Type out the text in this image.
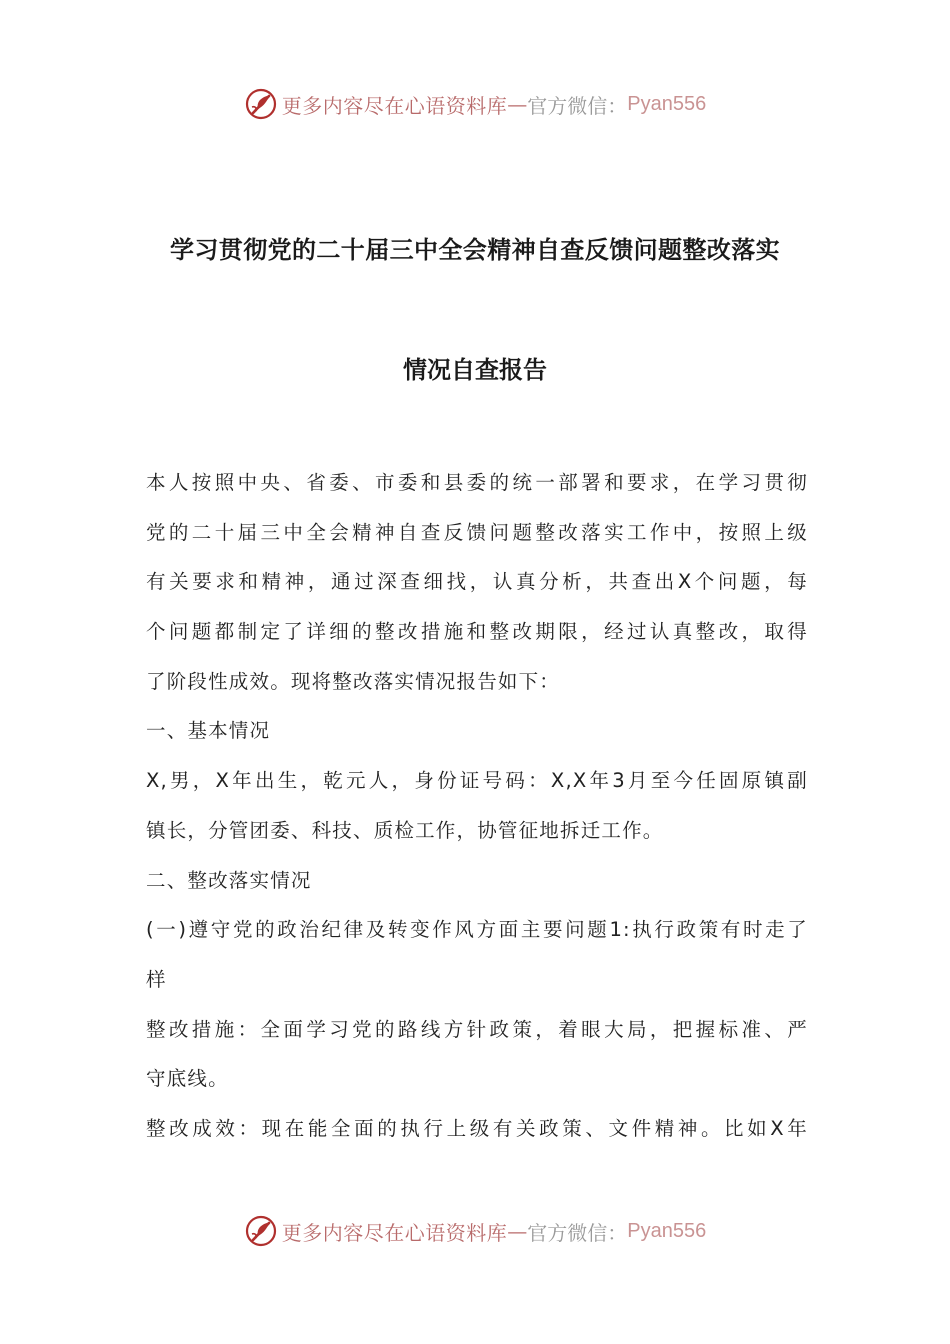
更多内容尽在心语资料库 — 官方微信： Pyan556
学习贯彻党的二十届三中全会精神自查反馈问题整改落实
情况自查报告
本人按照中央、省委、市委和县委的统一部署和要求，在学习贯彻
党的二十届三中全会精神自查反馈问题整改落实工作中，按照上级
有关要求和精神，通过深查细找，认真分析，共查出X个问题，每
个问题都制定了详细的整改措施和整改期限，经过认真整改，取得
了阶段性成效。现将整改落实情况报告如下：
一、基本情况
X,男，X年出生，乾元人，身份证号码：X,X年3月至今任固原镇副
镇长，分管团委、科技、质检工作，协管征地拆迁工作。
二、整改落实情况
(一)遵守党的政治纪律及转变作风方面主要问题1:执行政策有时走了
样
整改措施：全面学习党的路线方针政策，着眼大局，把握标准、严
守底线。
整改成效：现在能全面的执行上级有关政策、文件精神。比如X年
更多内容尽在心语资料库 — 官方微信： Pyan556
